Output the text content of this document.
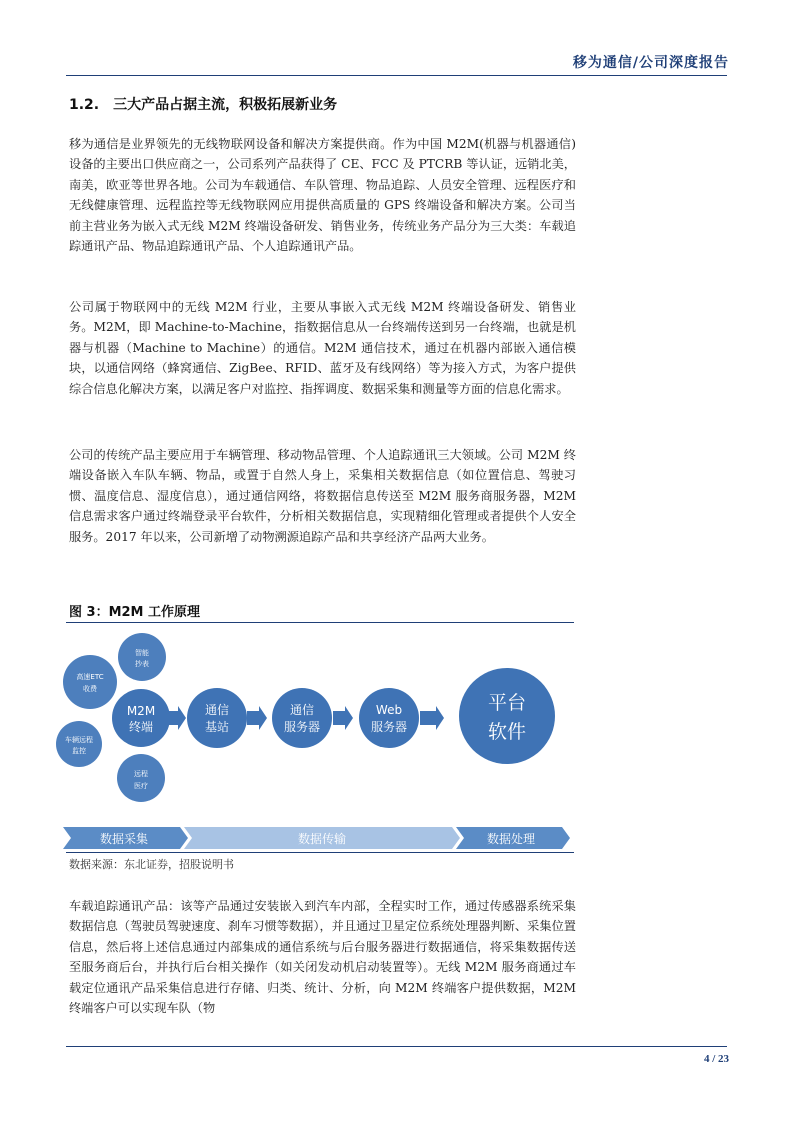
移为通信/公司深度报告
1.2. 三大产品占据主流，积极拓展新业务

移为通信是业界领先的无线物联网设备和解决方案提供商。作为中国 M2M(机器与机器通信)设备的主要出口供应商之一，公司系列产品获得了 CE、FCC 及 PTCRB 等认证，远销北美，南美，欧亚等世界各地。公司为车载通信、车队管理、物品追踪、人员安全管理、远程医疗和无线健康管理、远程监控等无线物联网应用提供高质量的 GPS 终端设备和解决方案。公司当前主营业务为嵌入式无线 M2M 终端设备研发、销售业务，传统业务产品分为三大类：车载追踪通讯产品、物品追踪通讯产品、个人追踪通讯产品。

公司属于物联网中的无线 M2M 行业，主要从事嵌入式无线 M2M 终端设备研发、销售业务。M2M，即 Machine-to-Machine，指数据信息从一台终端传送到另一台终端，也就是机器与机器（Machine to Machine）的通信。M2M 通信技术，通过在机器内部嵌入通信模块，以通信网络（蜂窝通信、ZigBee、RFID、蓝牙及有线网络）等为接入方式，为客户提供综合信息化解决方案，以满足客户对监控、指挥调度、数据采集和测量等方面的信息化需求。

公司的传统产品主要应用于车辆管理、移动物品管理、个人追踪通讯三大领域。公司 M2M 终端设备嵌入车队车辆、物品，或置于自然人身上，采集相关数据信息（如位置信息、驾驶习惯、温度信息、湿度信息），通过通信网络，将数据信息传送至 M2M 服务商服务器，M2M 信息需求客户通过终端登录平台软件，分析相关数据信息，实现精细化管理或者提供个人安全服务。2017 年以来，公司新增了动物溯源追踪产品和共享经济产品两大业务。

图 3：M2M 工作原理
高速ETC
收费
智能
抄表
车辆远程
监控
远程
医疗
M2M
终端
通信
基站
通信
服务器
Web
服务器
平台
软件
数据采集	数据传输	数据处理
数据来源：东北证券，招股说明书

车载追踪通讯产品：该等产品通过安装嵌入到汽车内部，全程实时工作，通过传感器系统采集数据信息（驾驶员驾驶速度、刹车习惯等数据），并且通过卫星定位系统处理器判断、采集位置信息，然后将上述信息通过内部集成的通信系统与后台服务器进行数据通信，将采集数据传送至服务商后台，并执行后台相关操作（如关闭发动机启动装置等）。无线 M2M 服务商通过车载定位通讯产品采集信息进行存储、归类、统计、分析，向 M2M 终端客户提供数据，M2M 终端客户可以实现车队（物

4 / 23
